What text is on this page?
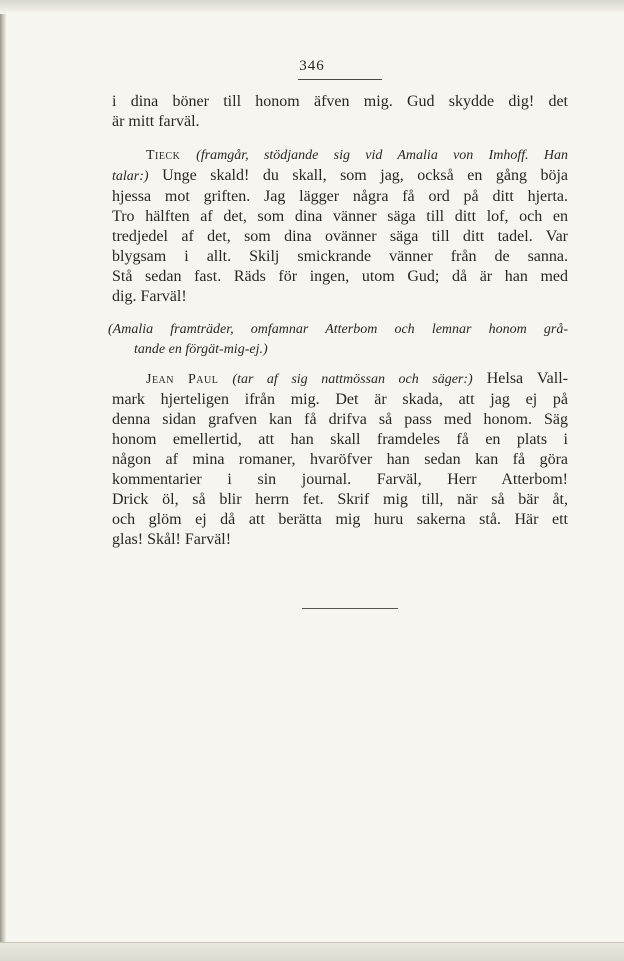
346
i dina böner till honom äfven mig. Gud skydde dig! det
är mitt farväl.
Tieck (framgår, stödjande sig vid Amalia von Imhoff. Han
talar:) Unge skald! du skall, som jag, också en gång böja
hjessa mot griften. Jag lägger några få ord på ditt hjerta.
Tro hälften af det, som dina vänner säga till ditt lof, och en
tredjedel af det, som dina ovänner säga till ditt tadel. Var
blygsam i allt. Skilj smickrande vänner från de sanna.
Stå sedan fast. Räds för ingen, utom Gud; då är han med
dig. Farväl!
(Amalia framträder, omfamnar Atterbom och lemnar honom grå-
tande en förgät-mig-ej.)
Jean Paul (tar af sig nattmössan och säger:) Helsa Vall-
mark hjerteligen ifrån mig. Det är skada, att jag ej på
denna sidan grafven kan få drifva så pass med honom. Säg
honom emellertid, att han skall framdeles få en plats i
någon af mina romaner, hvaröfver han sedan kan få göra
kommentarier i sin journal. Farväl, Herr Atterbom!
Drick öl, så blir herrn fet. Skrif mig till, när så bär åt,
och glöm ej då att berätta mig huru sakerna stå. Här ett
glas! Skål! Farväl!
